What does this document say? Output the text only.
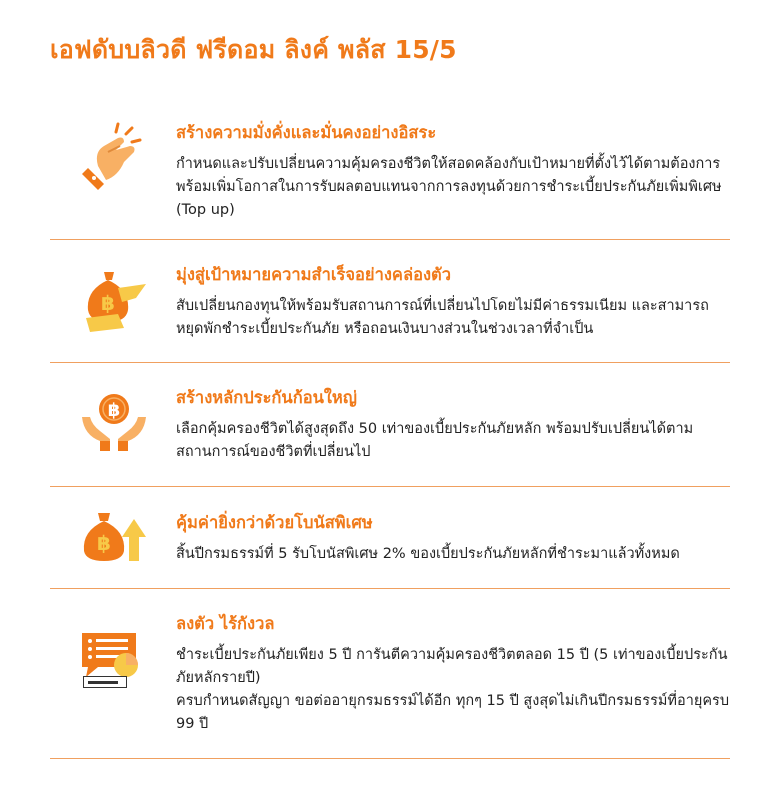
เอฟดับบลิวดี ฟรีดอม ลิงค์ พลัส 15/5
สร้างความมั่งคั่งและมั่นคงอย่างอิสระ

กำหนดและปรับเปลี่ยนความคุ้มครองชีวิตให้สอดคล้องกับเป้าหมายที่ตั้งไว้ได้ตามต้องการ พร้อมเพิ่มโอกาสในการรับผลตอบแทนจากการลงทุนด้วยการชำระเบี้ยประกันภัยเพิ่มพิเศษ (Top up)

฿
มุ่งสู่เป้าหมายความสำเร็จอย่างคล่องตัว

สับเปลี่ยนกองทุนให้พร้อมรับสถานการณ์ที่เปลี่ยนไปโดยไม่มีค่าธรรมเนียม และสามารถหยุดพักชำระเบี้ยประกันภัย หรือถอนเงินบางส่วนในช่วงเวลาที่จำเป็น

฿
สร้างหลักประกันก้อนใหญ่

เลือกคุ้มครองชีวิตได้สูงสุดถึง 50 เท่าของเบี้ยประกันภัยหลัก พร้อมปรับเปลี่ยนได้ตามสถานการณ์ของชีวิตที่เปลี่ยนไป

฿
คุ้มค่ายิ่งกว่าด้วยโบนัสพิเศษ

สิ้นปีกรมธรรม์ที่ 5 รับโบนัสพิเศษ 2% ของเบี้ยประกันภัยหลักที่ชำระมาแล้วทั้งหมด

ลงตัว ไร้กังวล

ชำระเบี้ยประกันภัยเพียง 5 ปี การันตีความคุ้มครองชีวิตตลอด 15 ปี (5 เท่าของเบี้ยประกันภัยหลักรายปี)

ครบกำหนดสัญญา ขอต่ออายุกรมธรรม์ได้อีก ทุกๆ 15 ปี สูงสุดไม่เกินปีกรมธรรม์ที่อายุครบ 99 ปี
